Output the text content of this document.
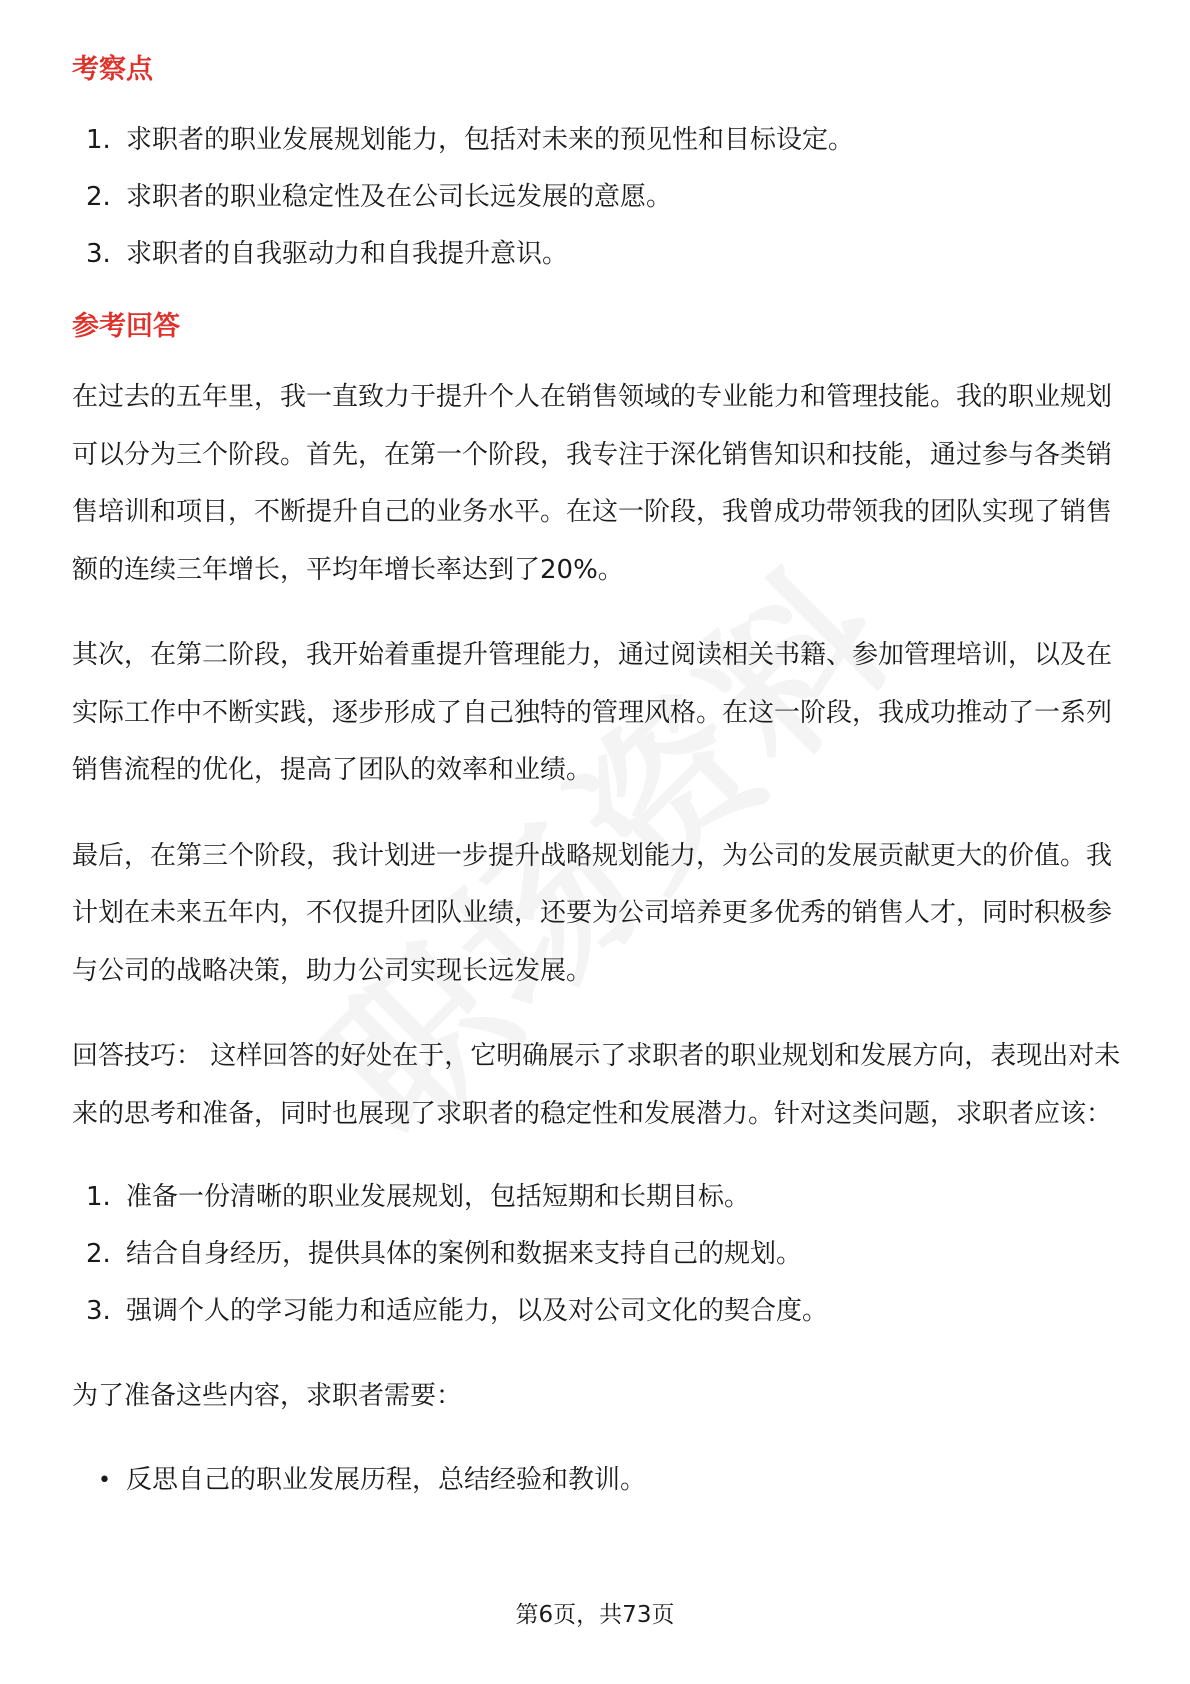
考察点
1. 求职者的职业发展规划能力，包括对未来的预见性和目标设定。
2. 求职者的职业稳定性及在公司长远发展的意愿。
3. 求职者的自我驱动力和自我提升意识。
参考回答

在过去的五年里，我一直致力于提升个人在销售领域的专业能力和管理技能。我的职业规划可以分为三个阶段。首先，在第一个阶段，我专注于深化销售知识和技能，通过参与各类销售培训和项目，不断提升自己的业务水平。在这一阶段，我曾成功带领我的团队实现了销售额的连续三年增长，平均年增长率达到了20%。

其次，在第二阶段，我开始着重提升管理能力，通过阅读相关书籍、参加管理培训，以及在实际工作中不断实践，逐步形成了自己独特的管理风格。在这一阶段，我成功推动了一系列销售流程的优化，提高了团队的效率和业绩。

最后，在第三个阶段，我计划进一步提升战略规划能力，为公司的发展贡献更大的价值。我计划在未来五年内，不仅提升团队业绩，还要为公司培养更多优秀的销售人才，同时积极参与公司的战略决策，助力公司实现长远发展。

回答技巧： 这样回答的好处在于，它明确展示了求职者的职业规划和发展方向，表现出对未来的思考和准备，同时也展现了求职者的稳定性和发展潜力。针对这类问题，求职者应该：

1. 准备一份清晰的职业发展规划，包括短期和长期目标。
2. 结合自身经历，提供具体的案例和数据来支持自己的规划。
3. 强调个人的学习能力和适应能力，以及对公司文化的契合度。

为了准备这些内容，求职者需要：

• 反思自己的职业发展历程，总结经验和教训。
第6页，共73页
